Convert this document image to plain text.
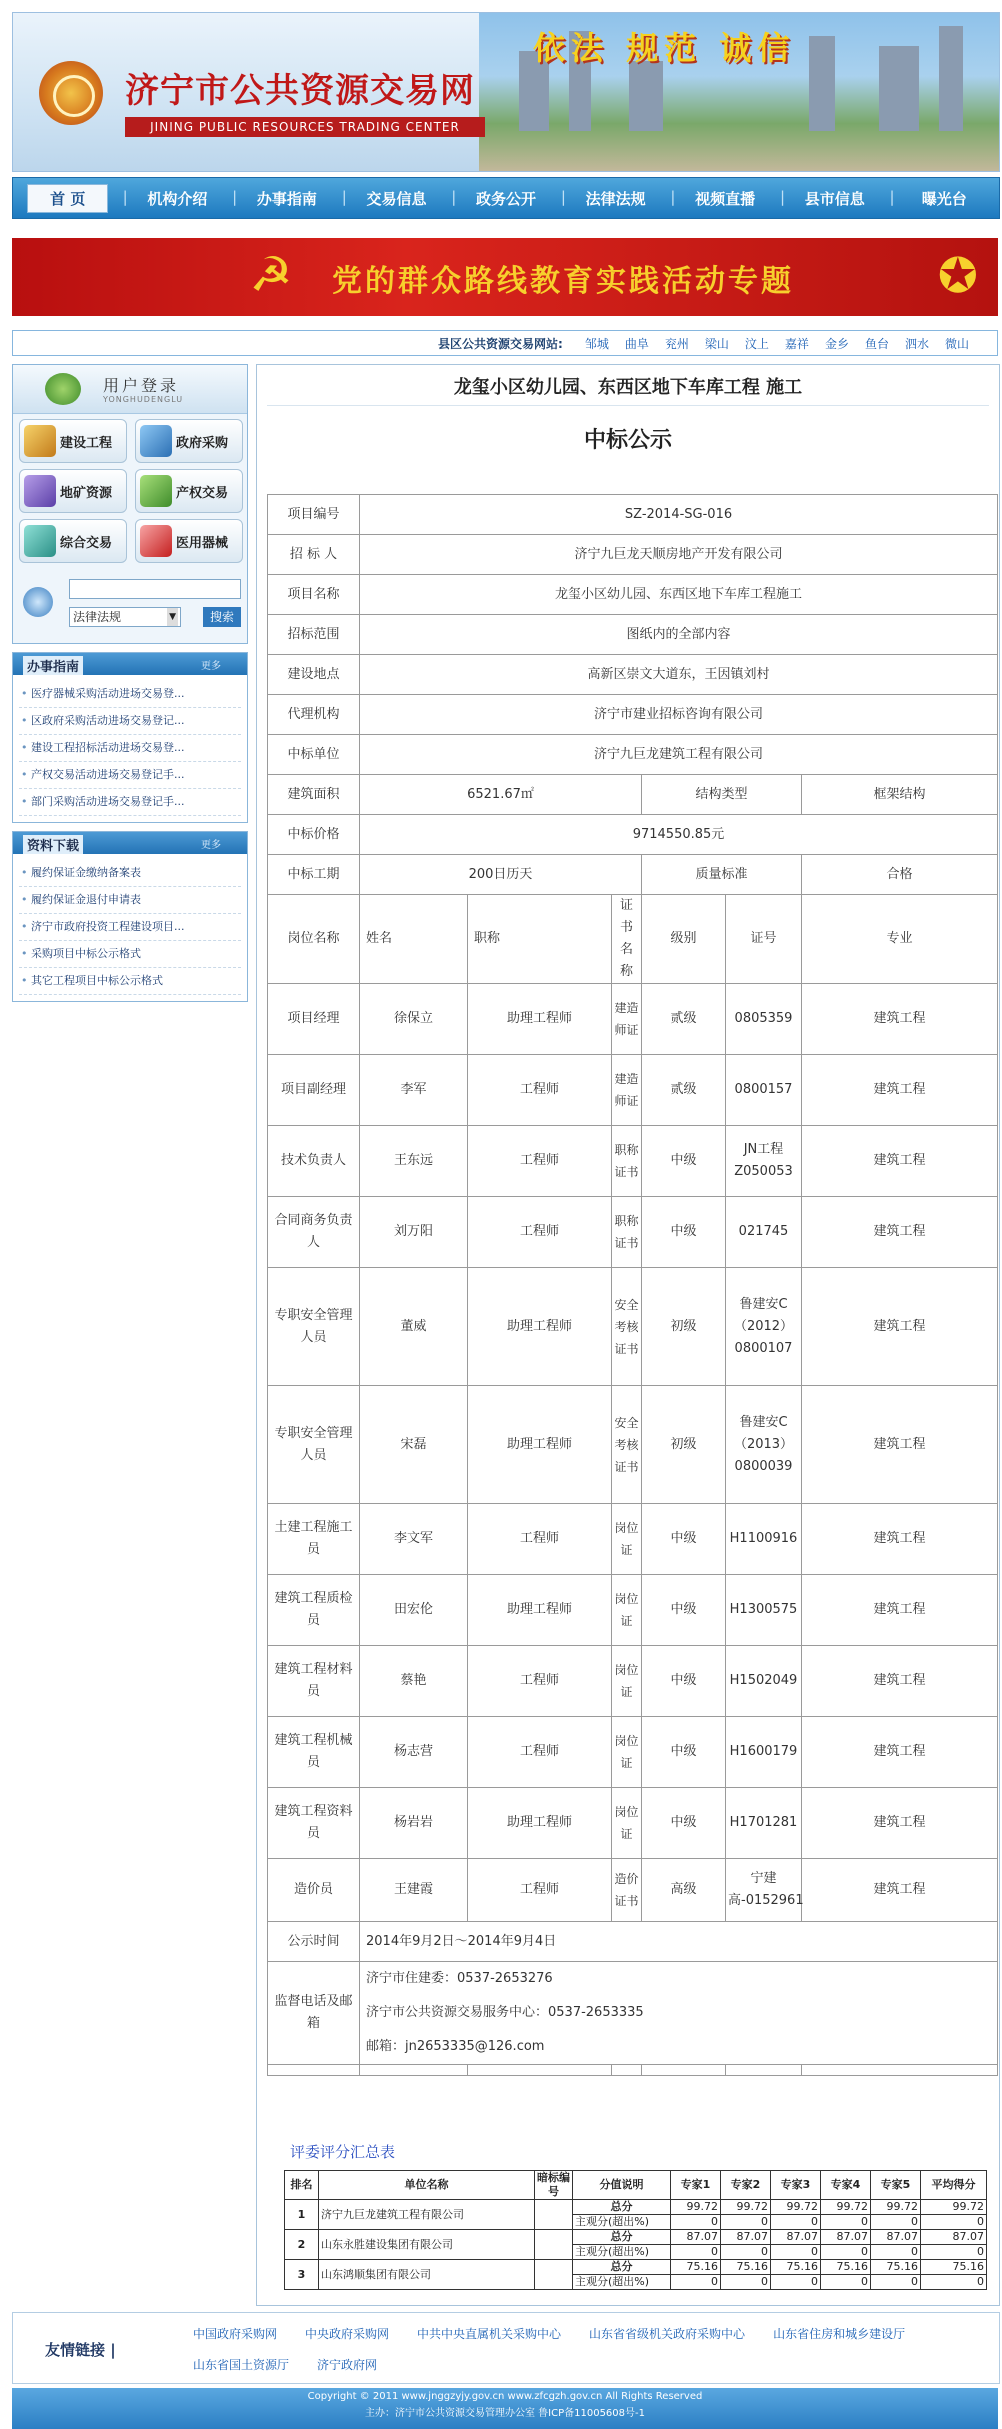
济宁市公共资源交易网
JINING PUBLIC RESOURCES TRADING CENTER
依法 规范 诚信
首 页	| 机构介绍	| 办事指南	| 交易信息	| 政务公开	| 法律法规	| 视频直播	| 县市信息	| 曝光台
☭ 党的群众路线教育实践活动专题	✪
县区公共资源交易网站: 邹城 曲阜 兖州 梁山 汶上 嘉祥 金乡 鱼台 泗水 微山
用户登录
YONGHUDENGLU
建设工程	政府采购
地矿资源	产权交易
综合交易	医用器械
法律法规 ▼	搜索
办事指南	更多
• 医疗器械采购活动进场交易登...
• 区政府采购活动进场交易登记...
• 建设工程招标活动进场交易登...
• 产权交易活动进场交易登记手...
• 部门采购活动进场交易登记手...
资料下载	更多
• 履约保证金缴纳备案表
• 履约保证金退付申请表
• 济宁市政府投资工程建设项目...
• 采购项目中标公示格式
• 其它工程项目中标公示格式
龙玺小区幼儿园、东西区地下车库工程 施工
中标公示
项目编号	SZ-2014-SG-016					
招 标 人	济宁九巨龙天顺房地产开发有限公司					
项目名称	龙玺小区幼儿园、东西区地下车库工程施工					
招标范围	图纸内的全部内容					
建设地点	高新区崇文大道东，王因镇刘村					
代理机构	济宁市建业招标咨询有限公司					
中标单位	济宁九巨龙建筑工程有限公司					
建筑面积	6521.67㎡			结构类型		框架结构
中标价格	9714550.85元					
中标工期	200日历天			质量标准		合格
岗位名称	姓名	职称	证书名称	级别	证号	专业
项目经理	徐保立	助理工程师	建造师证	贰级	0805359	建筑工程
项目副经理	李军	工程师	建造师证	贰级	0800157	建筑工程
技术负责人	王东远	工程师	职称证书	中级	JN工程Z050053	建筑工程
合同商务负责人	刘万阳	工程师	职称证书	中级	021745	建筑工程
专职安全管理人员	董威	助理工程师	安全考核证书	初级	鲁建安C（2012）0800107	建筑工程
专职安全管理人员	宋磊	助理工程师	安全考核证书	初级	鲁建安C（2013）0800039	建筑工程
土建工程施工员	李文军	工程师	岗位证	中级	H1100916	建筑工程
建筑工程质检员	田宏伦	助理工程师	岗位证	中级	H1300575	建筑工程
建筑工程材料员	蔡艳	工程师	岗位证	中级	H1502049	建筑工程
建筑工程机械员	杨志营	工程师	岗位证	中级	H1600179	建筑工程
建筑工程资料员	杨岩岩	助理工程师	岗位证	中级	H1701281	建筑工程
造价员	王建霞	工程师	造价证书	高级	宁建高-0152961	建筑工程
公示时间	2014年9月2日～2014年9月4日					
监督电话及邮箱	济宁市住建委：0537-2653276
济宁市公共资源交易服务中心：0537-2653335
邮箱：jn2653335@126.com					

评委评分汇总表
排名	单位名称	暗标编号	分值说明	专家1	专家2	专家3	专家4	专家5	平均得分
1	济宁九巨龙建筑工程有限公司		总分	99.72	99.72	99.72	99.72	99.72	99.72
			主观分(超出%)	0	0	0	0	0	0
2	山东永胜建设集团有限公司		总分	87.07	87.07	87.07	87.07	87.07	87.07
			主观分(超出%)	0	0	0	0	0	0
3	山东鸿顺集团有限公司		总分	75.16	75.16	75.16	75.16	75.16	75.16
			主观分(超出%)	0	0	0	0	0	0
友情链接 |
中国政府采购网 中央政府采购网 中共中央直属机关采购中心 山东省省级机关政府采购中心 山东省住房和城乡建设厅
山东省国土资源厅 济宁政府网
Copyright © 2011 www.jnggzyjy.gov.cn www.zfcgzh.gov.cn All Rights Reserved
主办：济宁市公共资源交易管理办公室 鲁ICP备11005608号-1
